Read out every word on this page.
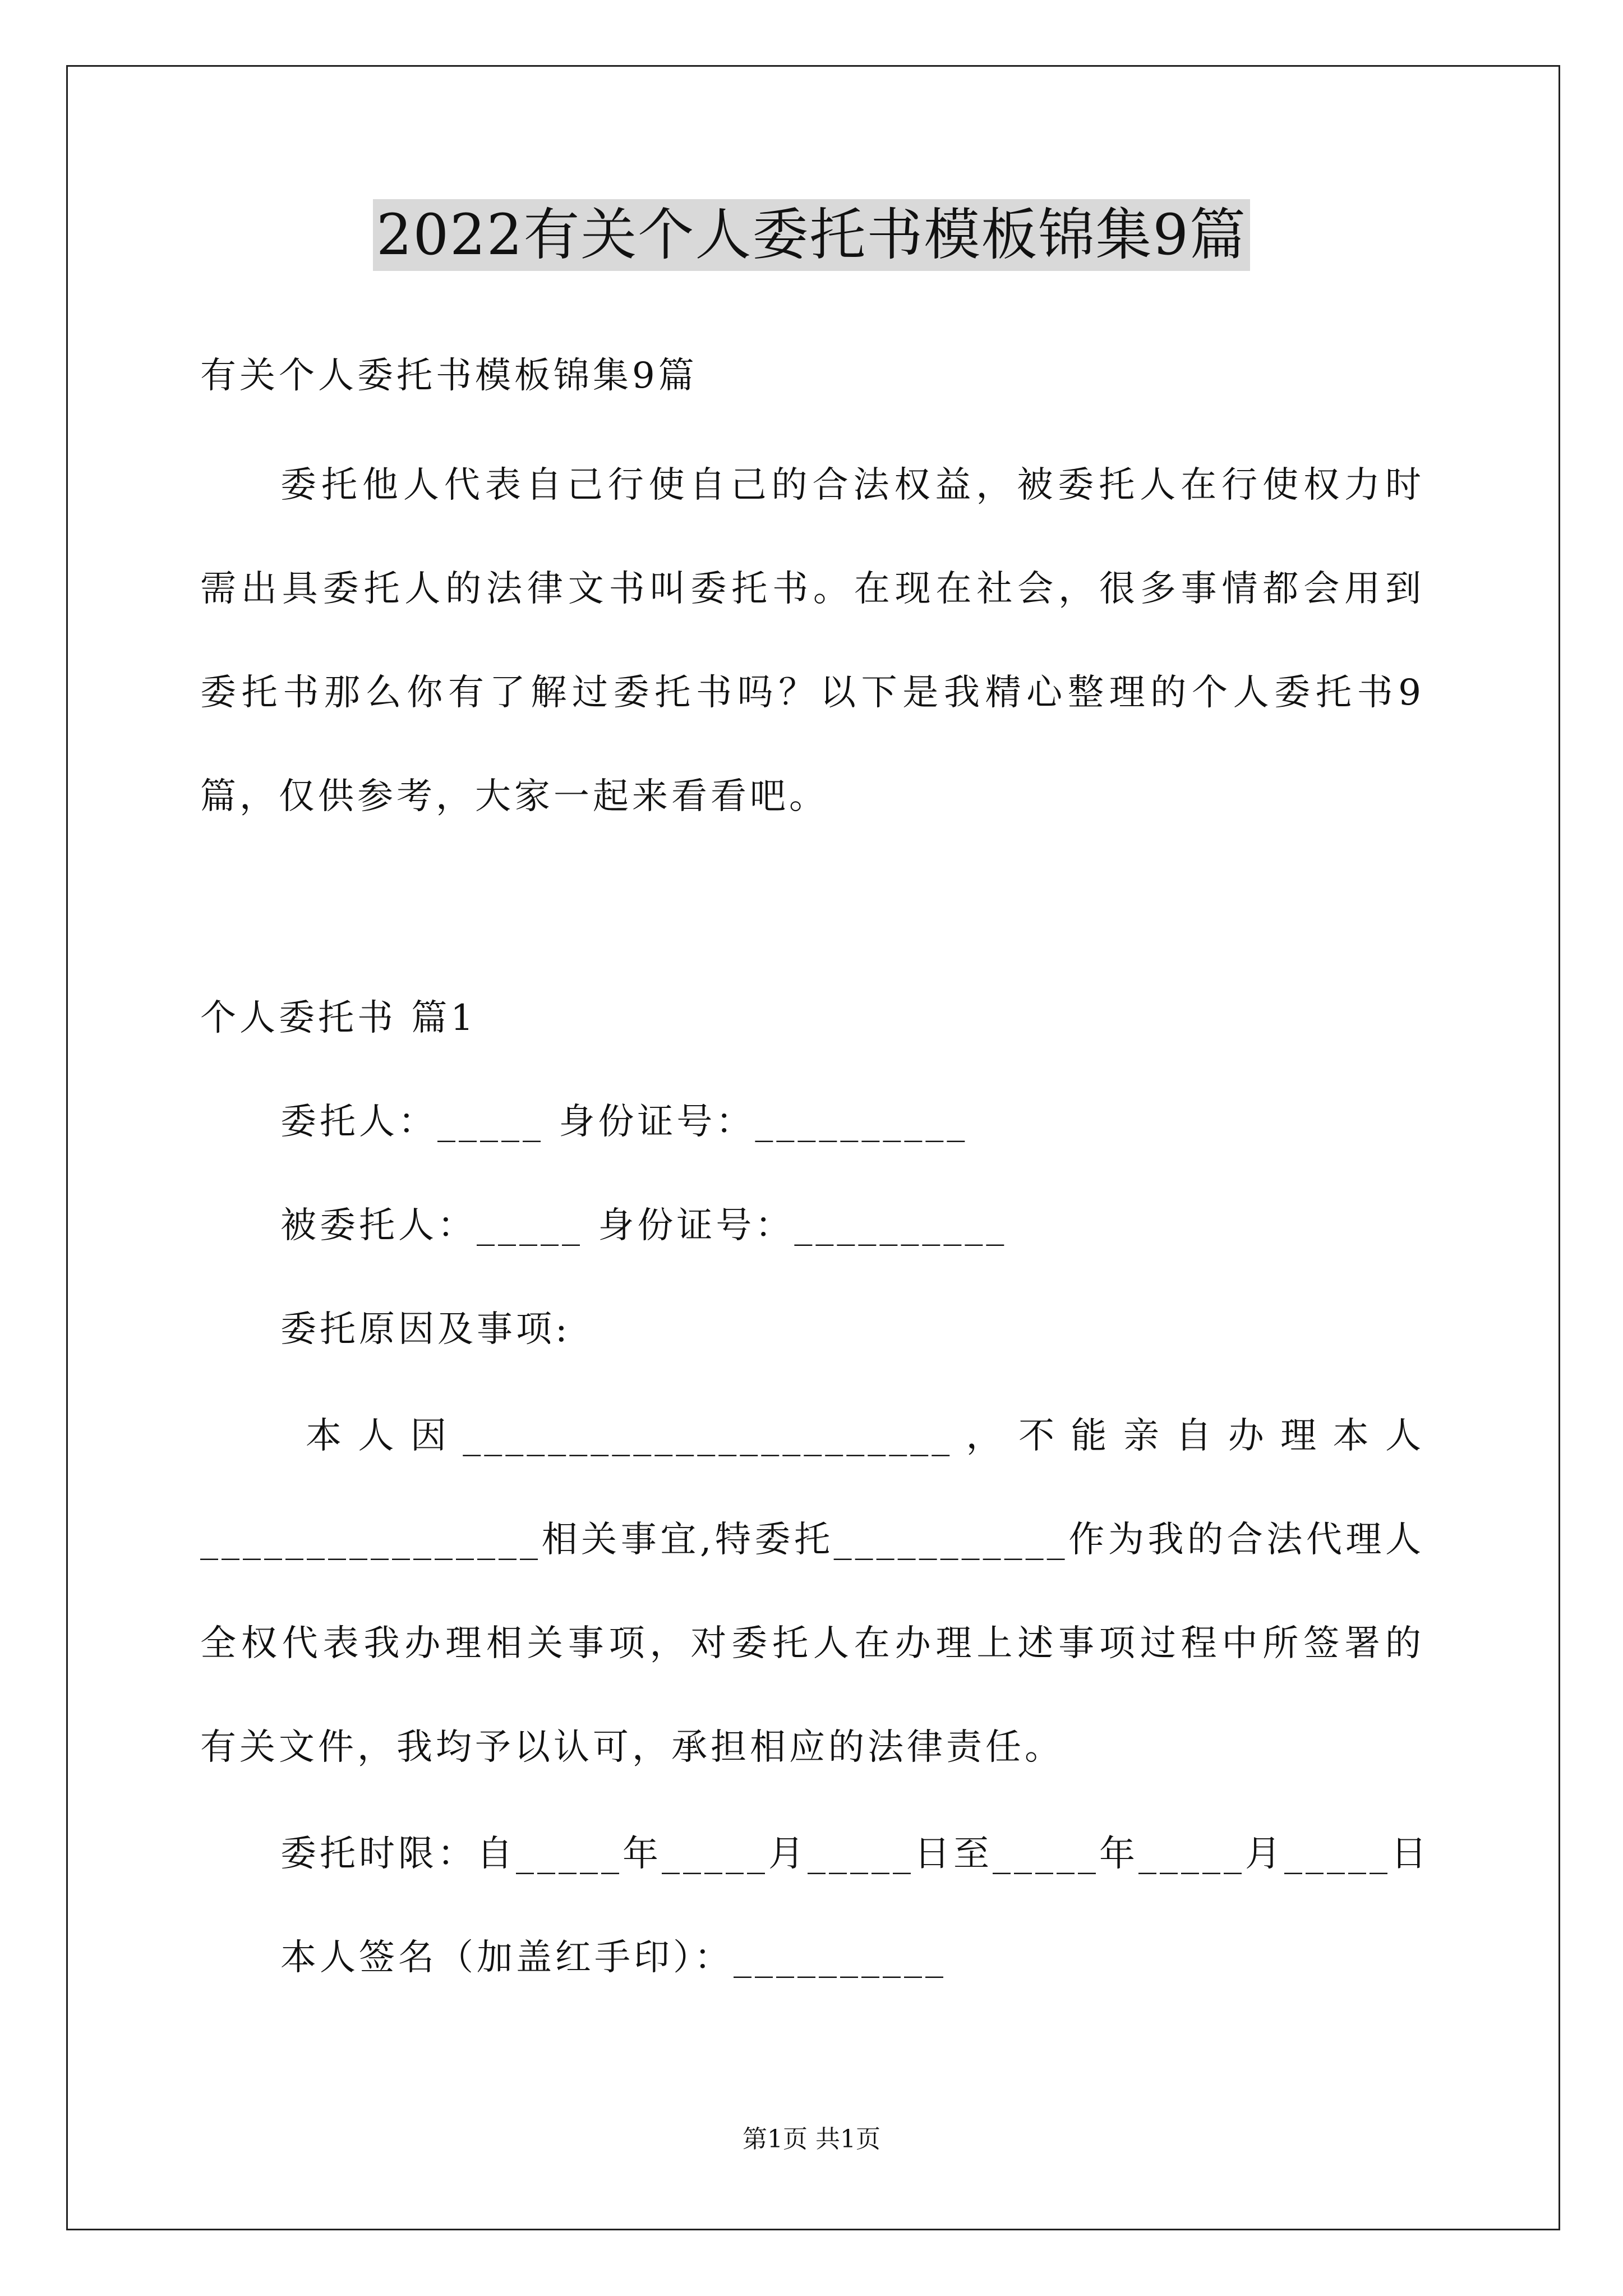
2022有关个人委托书模板锦集9篇
有关个人委托书模板锦集9篇
委托他人代表自己行使自己的合法权益，被委托人在行使权力时
需出具委托人的法律文书叫委托书。在现在社会，很多事情都会用到
委托书那么你有了解过委托书吗？以下是我精心整理的个人委托书9
篇，仅供参考，大家一起来看看吧。
个人委托书 篇1
委托人：_____ 身份证号：__________
被委托人：_____ 身份证号：__________
委托原因及事项:
本人因_______________________，不能亲自办理本人
________________相关事宜,特委托___________作为我的合法代理人
全权代表我办理相关事项，对委托人在办理上述事项过程中所签署的
有关文件，我均予以认可，承担相应的法律责任。
委托时限：自_____年_____月_____日至_____年_____月_____日
本人签名（加盖红手印）：__________
第1页 共1页
